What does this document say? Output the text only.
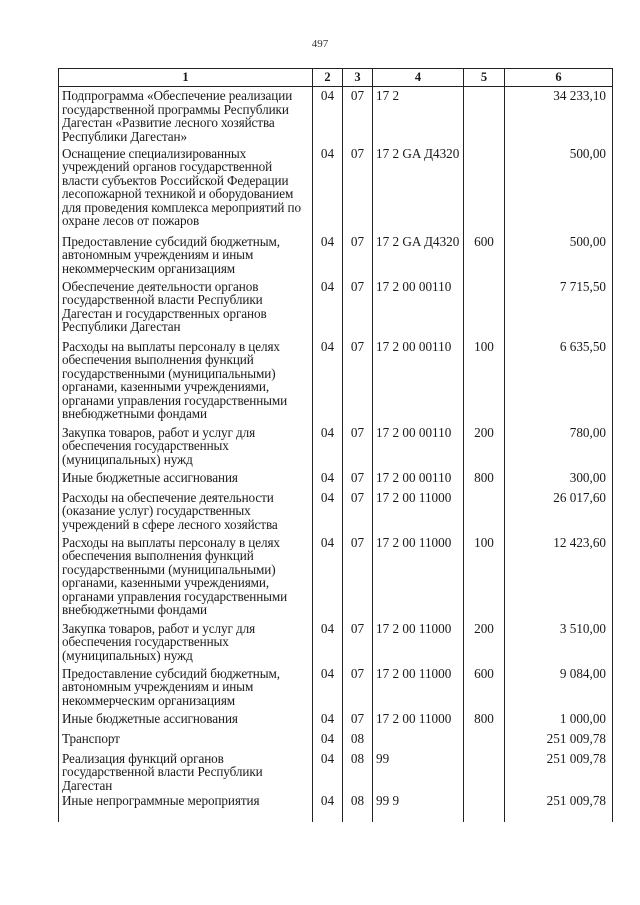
497
1	2	3	4	5	6
Подпрограмма «Обеспечение реализации государственной программы Республики Дагестан «Развитие лесного хозяйства Республики Дагестан»	04	07	17 2		34 233,10
Оснащение специализированных учреждений органов государственной власти субъектов Российской Федерации лесопожарной техникой и оборудованием для проведения комплекса мероприятий по охране лесов от пожаров	04	07	17 2 GA Д4320		500,00
Предоставление субсидий бюджетным, автономным учреждениям и иным некоммерческим организациям	04	07	17 2 GA Д4320	600	500,00
Обеспечение деятельности органов государственной власти Республики Дагестан и государственных органов Республики Дагестан	04	07	17 2 00 00110		7 715,50
Расходы на выплаты персоналу в целях обеспечения выполнения функций государственными (муниципальными) органами, казенными учреждениями, органами управления государственными внебюджетными фондами	04	07	17 2 00 00110	100	6 635,50
Закупка товаров, работ и услуг для обеспечения государственных (муниципальных) нужд	04	07	17 2 00 00110	200	780,00
Иные бюджетные ассигнования	04	07	17 2 00 00110	800	300,00
Расходы на обеспечение деятельности (оказание услуг) государственных учреждений в сфере лесного хозяйства	04	07	17 2 00 11000		26 017,60
Расходы на выплаты персоналу в целях обеспечения выполнения функций государственными (муниципальными) органами, казенными учреждениями, органами управления государственными внебюджетными фондами	04	07	17 2 00 11000	100	12 423,60
Закупка товаров, работ и услуг для обеспечения государственных (муниципальных) нужд	04	07	17 2 00 11000	200	3 510,00
Предоставление субсидий бюджетным, автономным учреждениям и иным некоммерческим организациям	04	07	17 2 00 11000	600	9 084,00
Иные бюджетные ассигнования	04	07	17 2 00 11000	800	1 000,00
Транспорт	04	08			251 009,78
Реализация функций органов государственной власти Республики Дагестан	04	08	99		251 009,78
Иные непрограммные мероприятия	04	08	99 9		251 009,78
